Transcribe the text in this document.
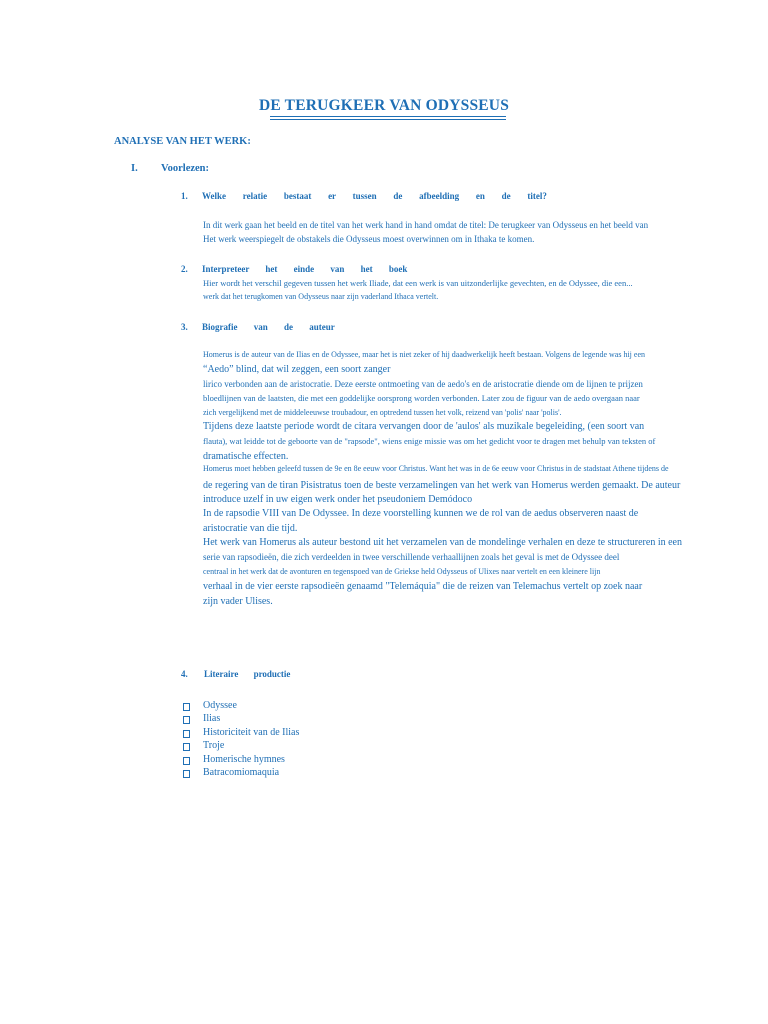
DE TERUGKEER VAN ODYSSEUS
ANALYSE VAN HET WERK:
I. Voorlezen:
1. Welke relatie bestaat er tussen de afbeelding en de titel?
In dit werk gaan het beeld en de titel van het werk hand in hand omdat de titel: De terugkeer van Odysseus en het beeld van
Het werk weerspiegelt de obstakels die Odysseus moest overwinnen om in Ithaka te komen.
2. Interpreteer het einde van het boek
Hier wordt het verschil gegeven tussen het werk Iliade, dat een werk is van uitzonderlijke gevechten, en de Odyssee, die een...
werk dat het terugkomen van Odysseus naar zijn vaderland Ithaca vertelt.
3. Biografie van de auteur
Homerus is de auteur van de Ilias en de Odyssee, maar het is niet zeker of hij daadwerkelijk heeft bestaan. Volgens de legende was hij een
“Aedo” blind, dat wil zeggen, een soort zanger
lirico verbonden aan de aristocratie. Deze eerste ontmoeting van de aedo's en de aristocratie diende om de lijnen te prijzen
bloedlijnen van de laatsten, die met een goddelijke oorsprong worden verbonden. Later zou de figuur van de aedo overgaan naar
zich vergelijkend met de middeleeuwse troubadour, en optredend tussen het volk, reizend van 'polis' naar 'polis'.
Tijdens deze laatste periode wordt de citara vervangen door de 'aulos' als muzikale begeleiding, (een soort van
flauta), wat leidde tot de geboorte van de "rapsode", wiens enige missie was om het gedicht voor te dragen met behulp van teksten of
dramatische effecten.
Homerus moet hebben geleefd tussen de 9e en 8e eeuw voor Christus. Want het was in de 6e eeuw voor Christus in de stadstaat Athene tijdens de
de regering van de tiran Pisistratus toen de beste verzamelingen van het werk van Homerus werden gemaakt. De auteur
introduce uzelf in uw eigen werk onder het pseudoniem Demódoco
In de rapsodie VIII van De Odyssee. In deze voorstelling kunnen we de rol van de aedus observeren naast de
aristocratie van die tijd.
Het werk van Homerus als auteur bestond uit het verzamelen van de mondelinge verhalen en deze te structureren in een
serie van rapsodieën, die zich verdeelden in twee verschillende verhaallijnen zoals het geval is met de Odyssee deel
centraal in het werk dat de avonturen en tegenspoed van de Griekse held Odysseus of Ulixes naar vertelt en een kleinere lijn
verhaal in de vier eerste rapsodieën genaamd "Telemáquia" die de reizen van Telemachus vertelt op zoek naar
zijn vader Ulises.
4. Literaire productie
Odyssee
Ilias
Historiciteit van de Ilias
Troje
Homerische hymnes
Batracomiomaquia
